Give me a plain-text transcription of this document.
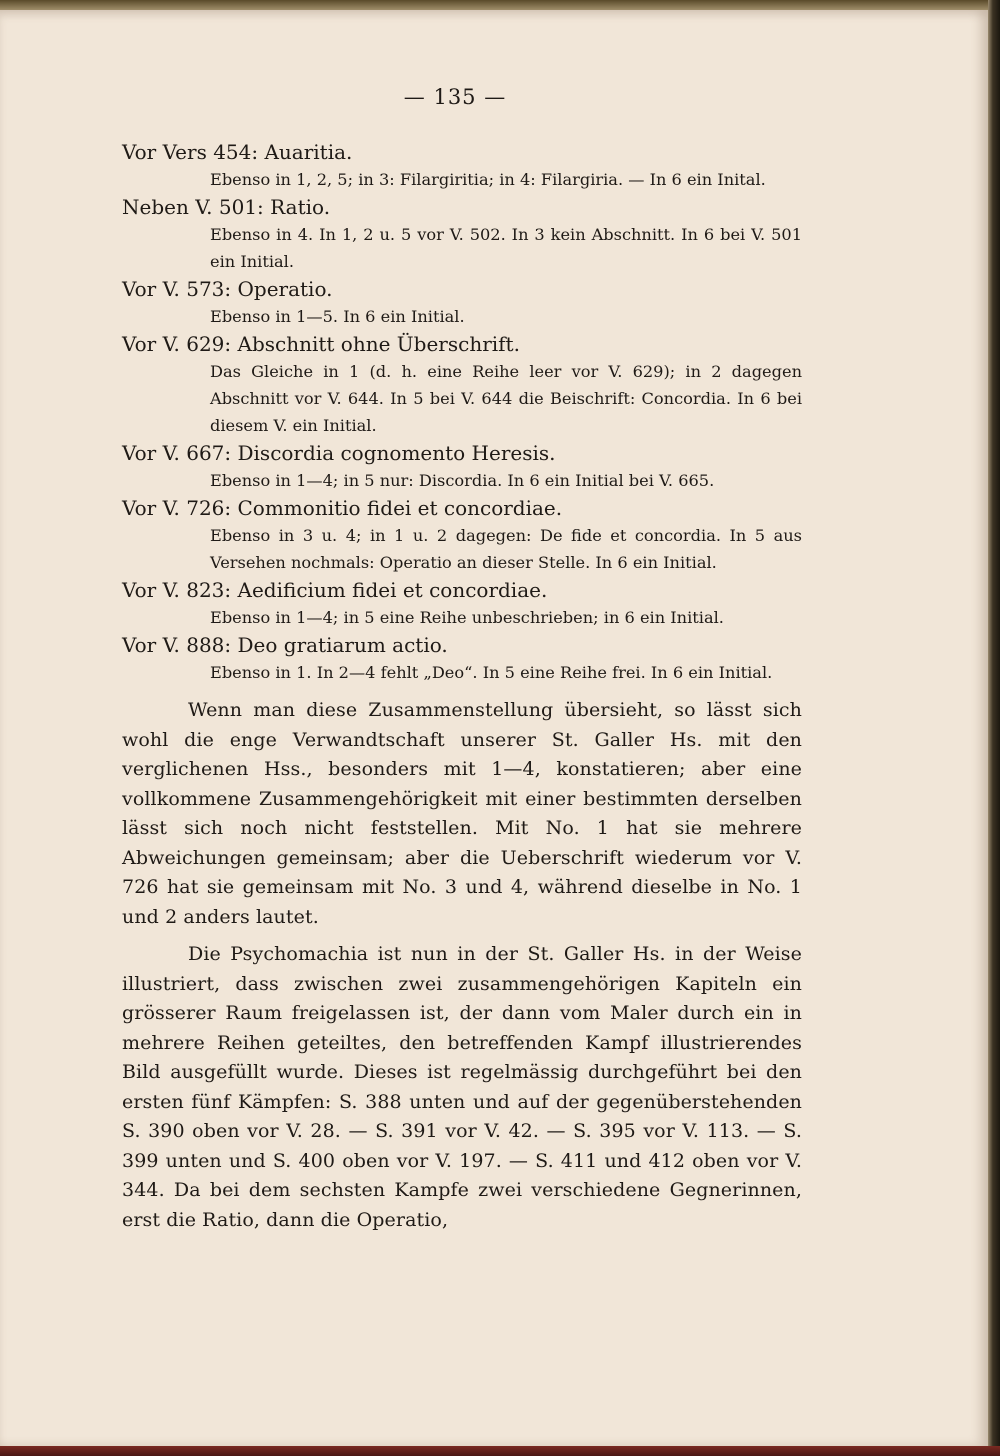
— 135 —

Vor Vers 454: Auaritia.

Ebenso in 1, 2, 5; in 3: Filargiritia; in 4: Filargiria. — In 6 ein Inital.

Neben V. 501: Ratio.

Ebenso in 4. In 1, 2 u. 5 vor V. 502. In 3 kein Abschnitt. In 6 bei V. 501 ein Initial.

Vor V. 573: Operatio.

Ebenso in 1—5. In 6 ein Initial.

Vor V. 629: Abschnitt ohne Überschrift.

Das Gleiche in 1 (d. h. eine Reihe leer vor V. 629); in 2 dagegen Abschnitt vor V. 644. In 5 bei V. 644 die Beischrift: Concordia. In 6 bei diesem V. ein Initial.

Vor V. 667: Discordia cognomento Heresis.

Ebenso in 1—4; in 5 nur: Discordia. In 6 ein Initial bei V. 665.

Vor V. 726: Commonitio fidei et concordiae.

Ebenso in 3 u. 4; in 1 u. 2 dagegen: De fide et concordia. In 5 aus Versehen nochmals: Operatio an dieser Stelle. In 6 ein Initial.

Vor V. 823: Aedificium fidei et concordiae.

Ebenso in 1—4; in 5 eine Reihe unbeschrieben; in 6 ein Initial.

Vor V. 888: Deo gratiarum actio.

Ebenso in 1. In 2—4 fehlt „Deo“. In 5 eine Reihe frei. In 6 ein Initial.

Wenn man diese Zusammenstellung übersieht, so lässt sich wohl die enge Verwandtschaft unserer St. Galler Hs. mit den verglichenen Hss., besonders mit 1—4, konstatieren; aber eine vollkommene Zusammengehörigkeit mit einer bestimmten derselben lässt sich noch nicht feststellen. Mit No. 1 hat sie mehrere Abweichungen gemeinsam; aber die Ueberschrift wiederum vor V. 726 hat sie gemeinsam mit No. 3 und 4, während dieselbe in No. 1 und 2 anders lautet.

Die Psychomachia ist nun in der St. Galler Hs. in der Weise illustriert, dass zwischen zwei zusammengehörigen Kapiteln ein grösserer Raum freigelassen ist, der dann vom Maler durch ein in mehrere Reihen geteiltes, den betreffenden Kampf illustrierendes Bild ausgefüllt wurde. Dieses ist regelmässig durchgeführt bei den ersten fünf Kämpfen: S. 388 unten und auf der gegenüberstehenden S. 390 oben vor V. 28. — S. 391 vor V. 42. — S. 395 vor V. 113. — S. 399 unten und S. 400 oben vor V. 197. — S. 411 und 412 oben vor V. 344. Da bei dem sechsten Kampfe zwei verschiedene Gegnerinnen, erst die Ratio, dann die Operatio,
